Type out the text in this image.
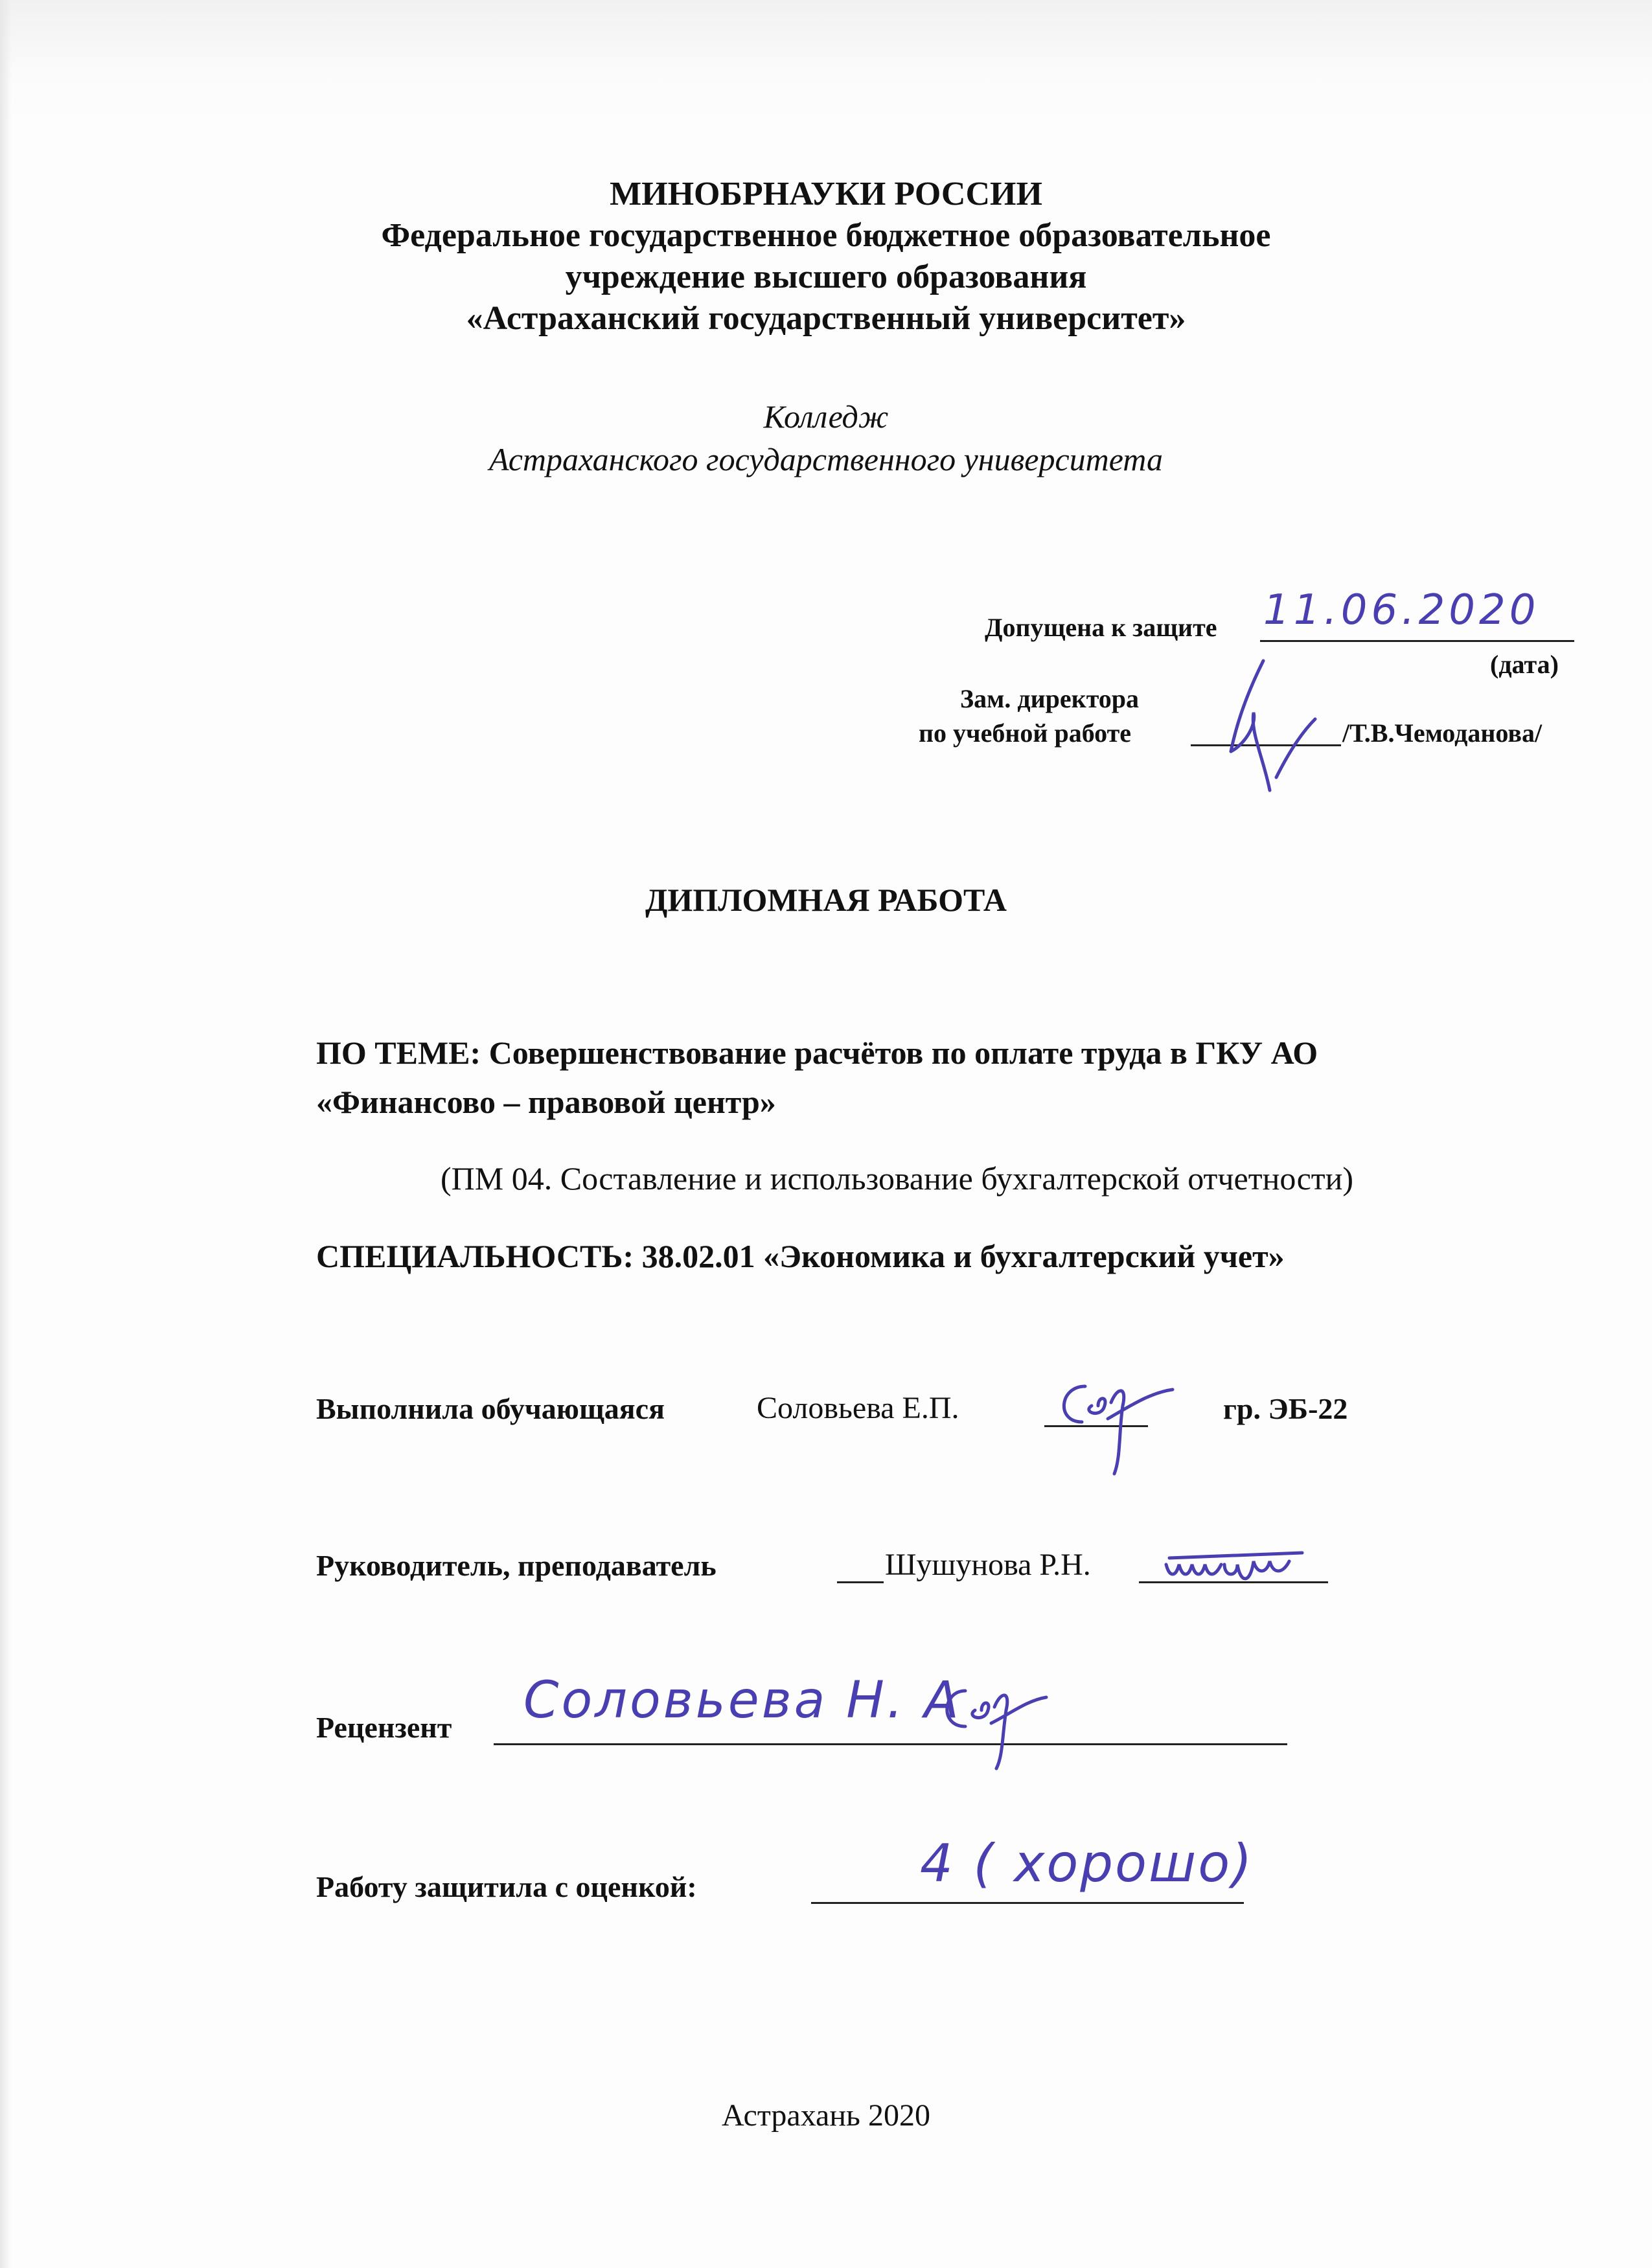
МИНОБРНАУКИ РОССИИ
Федеральное государственное бюджетное образовательное
учреждение высшего образования
«Астраханский государственный университет»
Колледж
Астраханского государственного университета
Допущена к защите 11.06.2020
(дата)
Зам. директора
по учебной работе	/Т.В.Чемоданова/
ДИПЛОМНАЯ РАБОТА
ПО ТЕМЕ: Совершенствование расчётов по оплате труда в ГКУ АО
«Финансово – правовой центр»
(ПМ 04. Составление и использование бухгалтерской отчетности)
СПЕЦИАЛЬНОСТЬ: 38.02.01 «Экономика и бухгалтерский учет»
Выполнила обучающаяся	Соловьева Е.П.	гр. ЭБ-22
Руководитель, преподаватель	Шушунова Р.Н.
Рецензент Соловьева Н. А
Работу защитила с оценкой:	4 ( хорошо)
Астрахань 2020
